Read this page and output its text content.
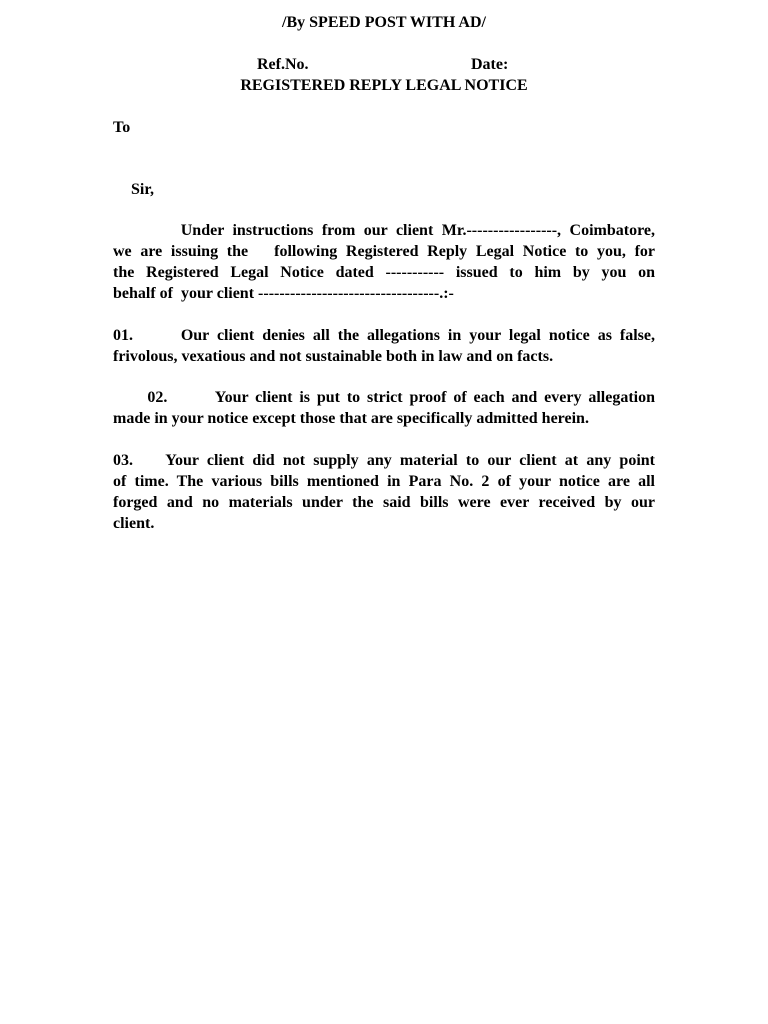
/By SPEED POST WITH AD/
Ref.No.	Date:
REGISTERED REPLY LEGAL NOTICE
To
Sir,
Under instructions from our client Mr.-----------------, Coimbatore,
we are issuing the   following Registered Reply Legal Notice to you, for
the Registered Legal Notice dated ----------- issued to him by you on
behalf of  your client ----------------------------------.:-
01.      Our client denies all the allegations in your legal notice as false,
frivolous, vexatious and not sustainable both in law and on facts.
02.       Your client is put to strict proof of each and every allegation
made in your notice except those that are specifically admitted herein.
03.    Your client did not supply any material to our client at any point
of time. The various bills mentioned in Para No. 2 of your notice are all
forged and no materials under the said bills were ever received by our
client.
